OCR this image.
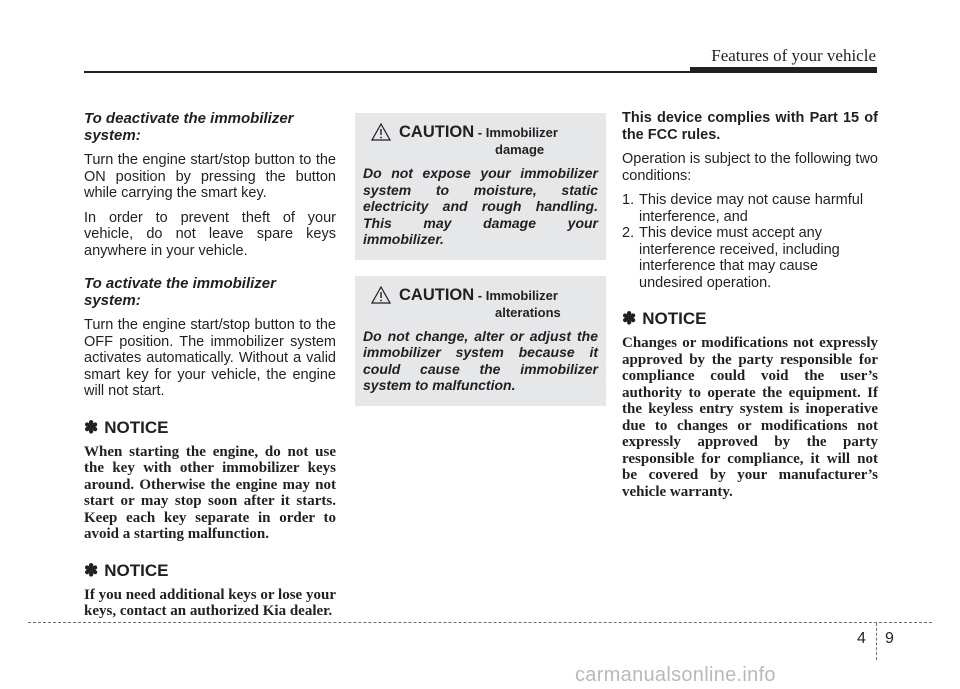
Features of your vehicle

To deactivate the immobilizer
system:

Turn the engine start/stop button to the ON position by pressing the button while carrying the smart key.

In order to prevent theft of your vehicle, do not leave spare keys anywhere in your vehicle.

To activate the immobilizer system:

Turn the engine start/stop button to the OFF position. The immobilizer system activates automatically. Without a valid smart key for your vehicle, the engine will not start.

✽ NOTICE

When starting the engine, do not use the key with other immobilizer keys around. Otherwise the engine may not start or may stop soon after it starts. Keep each key separate in order to avoid a starting malfunction.

✽ NOTICE

If you need additional keys or lose your keys, contact an authorized Kia dealer.

CAUTION - Immobilizer
damage

Do not expose your immobilizer system to moisture, static electricity and rough handling. This may damage your immobilizer.

CAUTION - Immobilizer
alterations

Do not change, alter or adjust the immobilizer system because it could cause the immobilizer system to malfunction.

This device complies with Part 15 of the FCC rules.

Operation is subject to the following two conditions:

1. This device may not cause harmful interference, and
2. This device must accept any interference received, including interference that may cause undesired operation.
✽ NOTICE

Changes or modifications not expressly approved by the party responsible for compliance could void the user’s authority to operate the equipment. If the keyless entry system is inoperative due to changes or modifications not expressly approved by the party responsible for compliance, it will not be covered by your manufacturer’s vehicle warranty.

4 9
carmanualsonline.info
